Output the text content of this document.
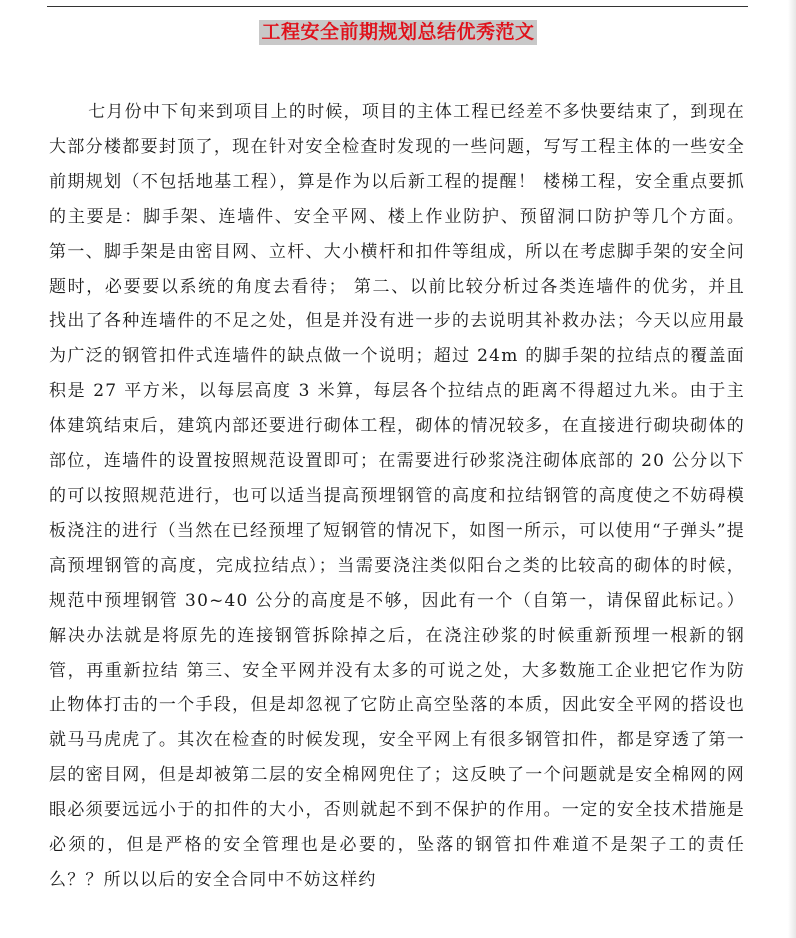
工程安全前期规划总结优秀范文

七月份中下旬来到项目上的时候，项目的主体工程已经差不多快要结束了，到现在大部分楼都要封顶了，现在针对安全检查时发现的一些问题，写写工程主体的一些安全前期规划（不包括地基工程），算是作为以后新工程的提醒！ 楼梯工程，安全重点要抓的主要是：脚手架、连墙件、安全平网、楼上作业防护、预留洞口防护等几个方面。 第一、脚手架是由密目网、立杆、大小横杆和扣件等组成，所以在考虑脚手架的安全问题时，必要要以系统的角度去看待； 第二、以前比较分析过各类连墙件的优劣，并且找出了各种连墙件的不足之处，但是并没有进一步的去说明其补救办法；今天以应用最为广泛的钢管扣件式连墙件的缺点做一个说明；超过 24m 的脚手架的拉结点的覆盖面积是 27 平方米，以每层高度 3 米算，每层各个拉结点的距离不得超过九米。由于主体建筑结束后，建筑内部还要进行砌体工程，砌体的情况较多，在直接进行砌块砌体的部位，连墙件的设置按照规范设置即可；在需要进行砂浆浇注砌体底部的 20 公分以下的可以按照规范进行，也可以适当提高预埋钢管的高度和拉结钢管的高度使之不妨碍模板浇注的进行（当然在已经预埋了短钢管的情况下，如图一所示，可以使用“子弹头”提高预埋钢管的高度，完成拉结点）；当需要浇注类似阳台之类的比较高的砌体的时候，规范中预埋钢管 30~40 公分的高度是不够，因此有一个（自第一，请保留此标记。）解决办法就是将原先的连接钢管拆除掉之后，在浇注砂浆的时候重新预埋一根新的钢管，再重新拉结 第三、安全平网并没有太多的可说之处，大多数施工企业把它作为防止物体打击的一个手段，但是却忽视了它防止高空坠落的本质，因此安全平网的搭设也就马马虎虎了。其次在检查的时候发现，安全平网上有很多钢管扣件，都是穿透了第一层的密目网，但是却被第二层的安全棉网兜住了；这反映了一个问题就是安全棉网的网眼必须要远远小于的扣件的大小，否则就起不到不保护的作用。一定的安全技术措施是必须的，但是严格的安全管理也是必要的，坠落的钢管扣件难道不是架子工的责任么？？所以以后的安全合同中不妨这样约
